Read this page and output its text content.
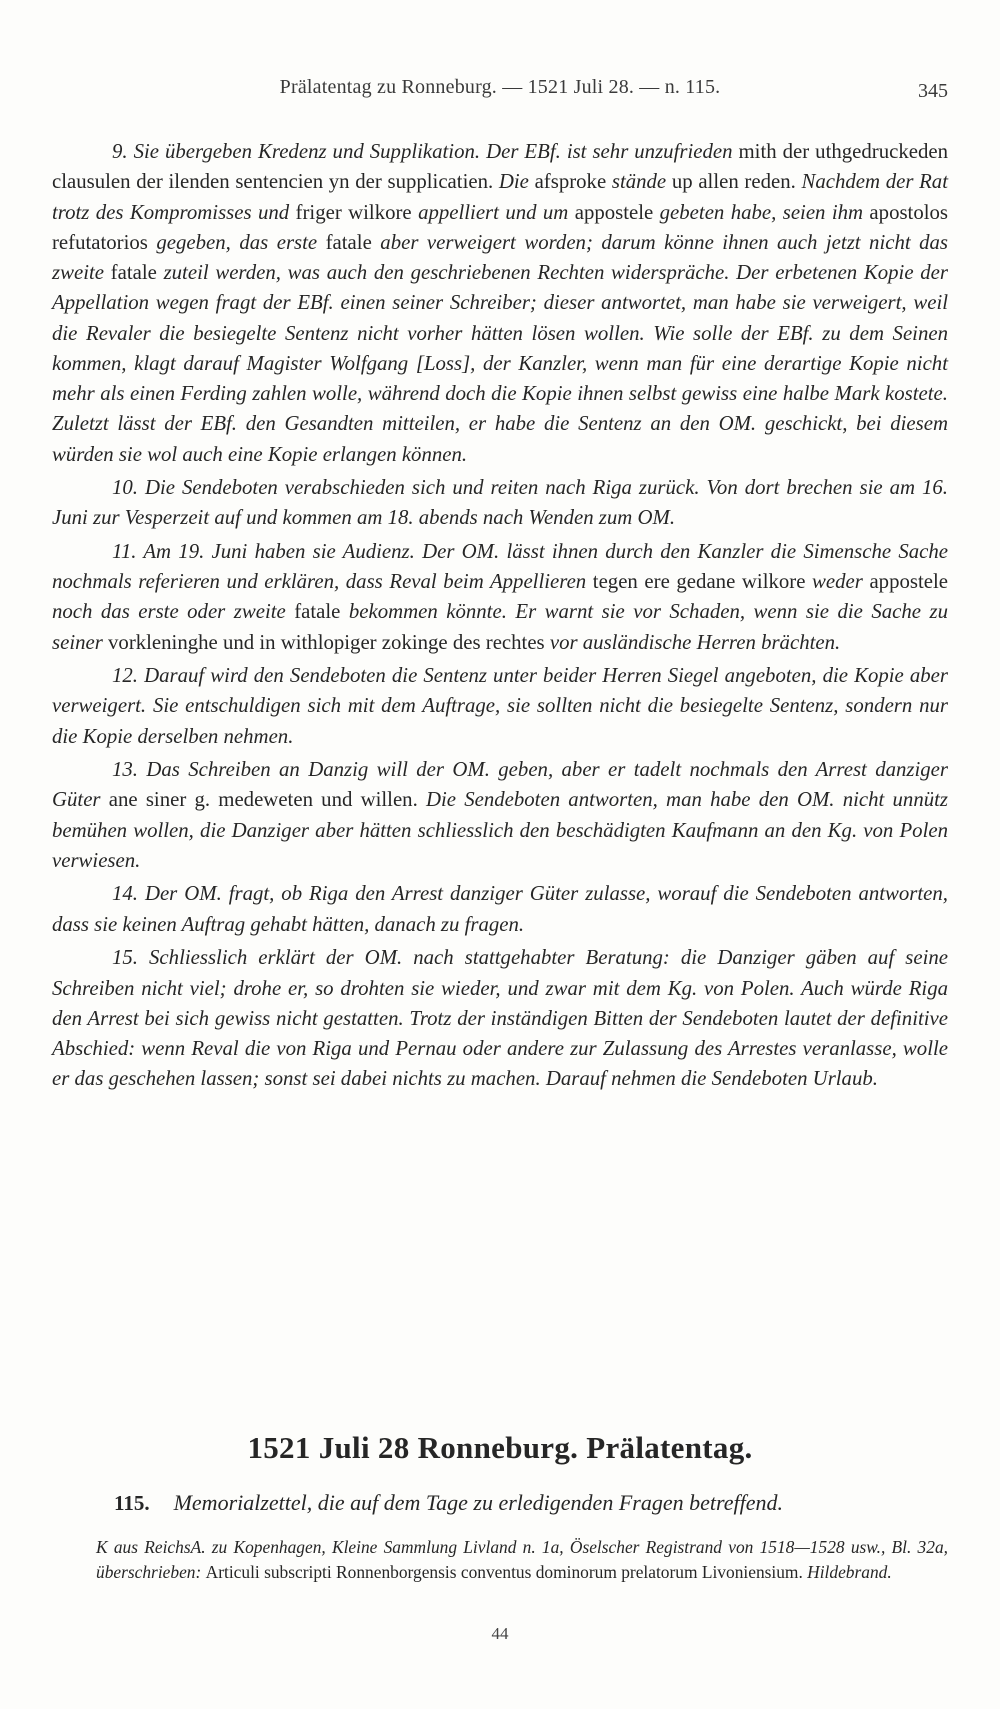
Prälatentag zu Ronneburg. — 1521 Juli 28. — n. 115.	345

9. Sie übergeben Kredenz und Supplikation. Der EBf. ist sehr unzufrieden mith der uthgedruckeden clausulen der ilenden sentencien yn der supplicatien. Die afsproke stände up allen reden. Nachdem der Rat trotz des Kompromisses und friger wilkore appelliert und um appostele gebeten habe, seien ihm apostolos refutatorios gegeben, das erste fatale aber verweigert worden; darum könne ihnen auch jetzt nicht das zweite fatale zuteil werden, was auch den geschriebenen Rechten widerspräche. Der erbetenen Kopie der Appellation wegen fragt der EBf. einen seiner Schreiber; dieser antwortet, man habe sie verweigert, weil die Revaler die besiegelte Sentenz nicht vorher hätten lösen wollen. Wie solle der EBf. zu dem Seinen kommen, klagt darauf Magister Wolfgang [Loss], der Kanzler, wenn man für eine derartige Kopie nicht mehr als einen Ferding zahlen wolle, während doch die Kopie ihnen selbst gewiss eine halbe Mark kostete. Zuletzt lässt der EBf. den Gesandten mitteilen, er habe die Sentenz an den OM. geschickt, bei diesem würden sie wol auch eine Kopie erlangen können.

10. Die Sendeboten verabschieden sich und reiten nach Riga zurück. Von dort brechen sie am 16. Juni zur Vesperzeit auf und kommen am 18. abends nach Wenden zum OM.

11. Am 19. Juni haben sie Audienz. Der OM. lässt ihnen durch den Kanzler die Simensche Sache nochmals referieren und erklären, dass Reval beim Appellieren tegen ere gedane wilkore weder appostele noch das erste oder zweite fatale bekommen könnte. Er warnt sie vor Schaden, wenn sie die Sache zu seiner vorkleninghe und in withlopiger zokinge des rechtes vor ausländische Herren brächten.

12. Darauf wird den Sendeboten die Sentenz unter beider Herren Siegel angeboten, die Kopie aber verweigert. Sie entschuldigen sich mit dem Auftrage, sie sollten nicht die besiegelte Sentenz, sondern nur die Kopie derselben nehmen.

13. Das Schreiben an Danzig will der OM. geben, aber er tadelt nochmals den Arrest danziger Güter ane siner g. medeweten und willen. Die Sendeboten antworten, man habe den OM. nicht unnütz bemühen wollen, die Danziger aber hätten schliesslich den beschädigten Kaufmann an den Kg. von Polen verwiesen.

14. Der OM. fragt, ob Riga den Arrest danziger Güter zulasse, worauf die Sendeboten antworten, dass sie keinen Auftrag gehabt hätten, danach zu fragen.

15. Schliesslich erklärt der OM. nach stattgehabter Beratung: die Danziger gäben auf seine Schreiben nicht viel; drohe er, so drohten sie wieder, und zwar mit dem Kg. von Polen. Auch würde Riga den Arrest bei sich gewiss nicht gestatten. Trotz der inständigen Bitten der Sendeboten lautet der definitive Abschied: wenn Reval die von Riga und Pernau oder andere zur Zulassung des Arrestes veranlasse, wolle er das geschehen lassen; sonst sei dabei nichts zu machen. Darauf nehmen die Sendeboten Urlaub.

1521 Juli 28 Ronneburg. Prälatentag.
115. Memorialzettel, die auf dem Tage zu erledigenden Fragen betreffend.
K aus ReichsA. zu Kopenhagen, Kleine Sammlung Livland n. 1a, Öselscher Registrand von 1518—1528 usw., Bl. 32a, überschrieben: Articuli subscripti Ronnenborgensis conventus dominorum prelatorum Livoniensium. Hildebrand.
44
